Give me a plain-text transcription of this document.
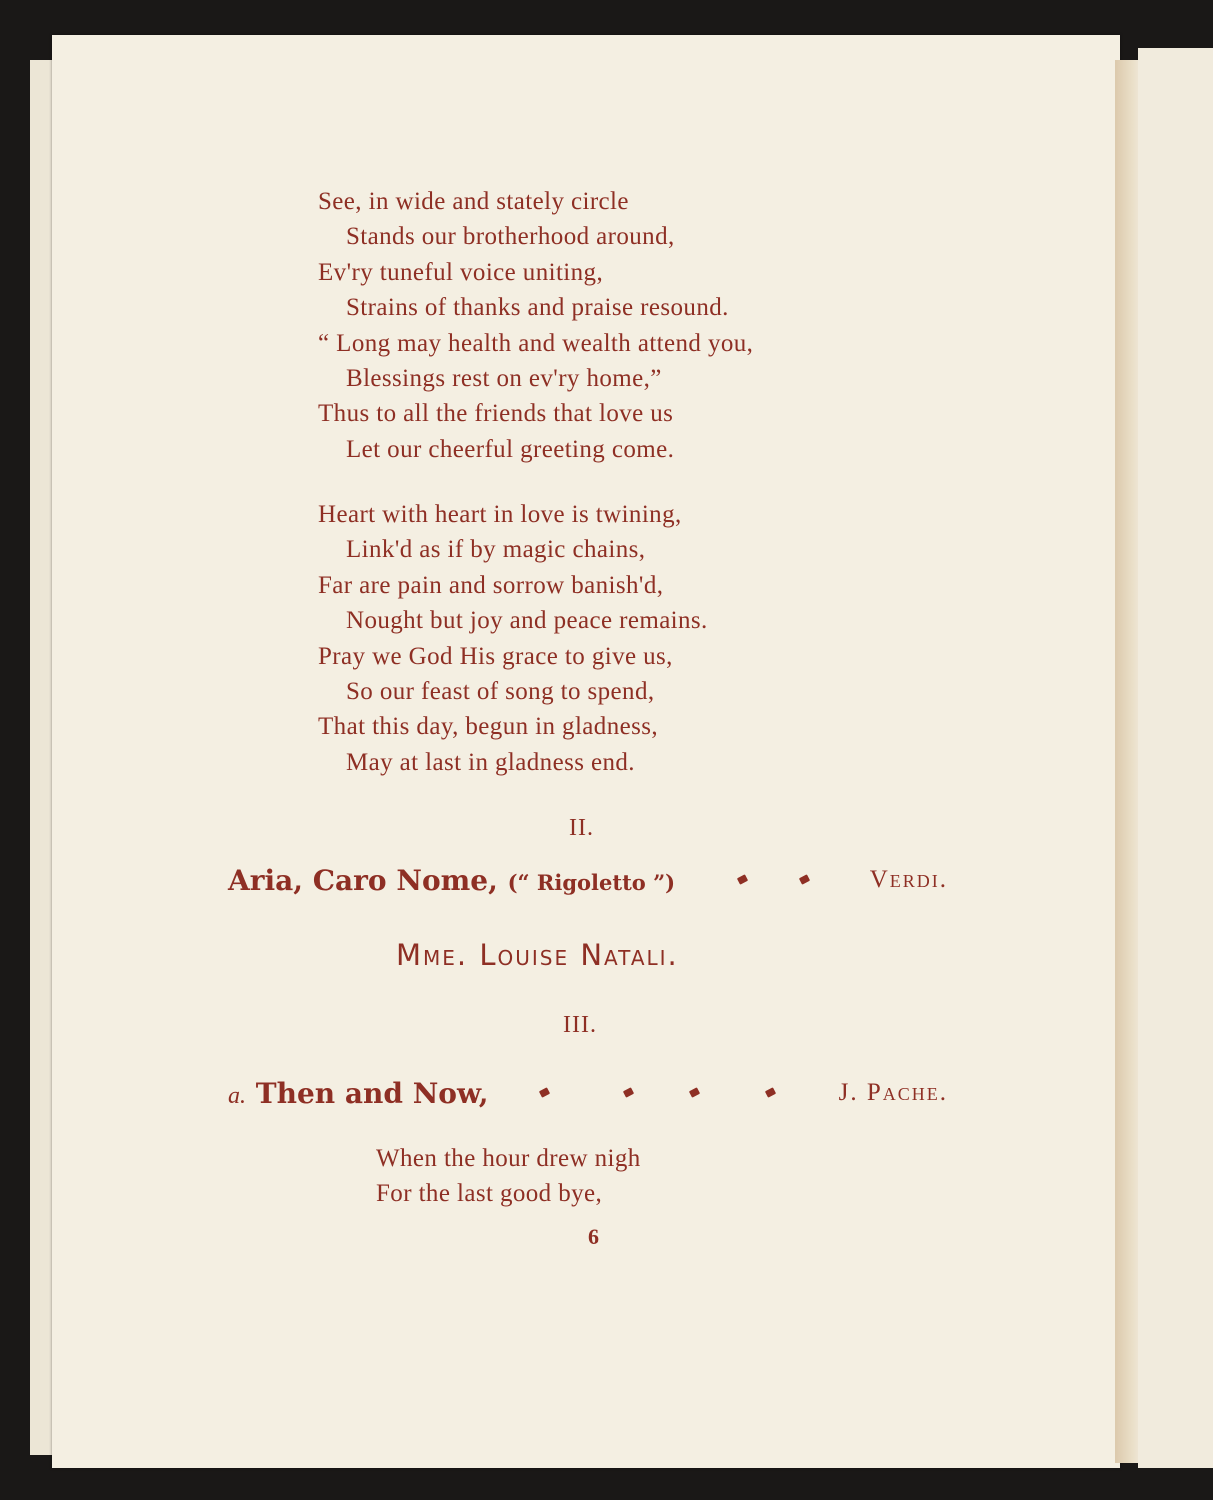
See, in wide and stately circle
Stands our brotherhood around,
Ev'ry tuneful voice uniting,
Strains of thanks and praise resound.
“ Long may health and wealth attend you,
Blessings rest on ev'ry home,”
Thus to all the friends that love us
Let our cheerful greeting come.
Heart with heart in love is twining,
Link'd as if by magic chains,
Far are pain and sorrow banish'd,
Nought but joy and peace remains.
Pray we God His grace to give us,
So our feast of song to spend,
That this day, begun in gladness,
May at last in gladness end.
II.
Aria, Caro Nome, (“ Rigoletto ”)	Verdi.
Mme. Louise Natali.
III.
a. Then and Now,	J. Pache.
When the hour drew nigh
For the last good bye,
6
